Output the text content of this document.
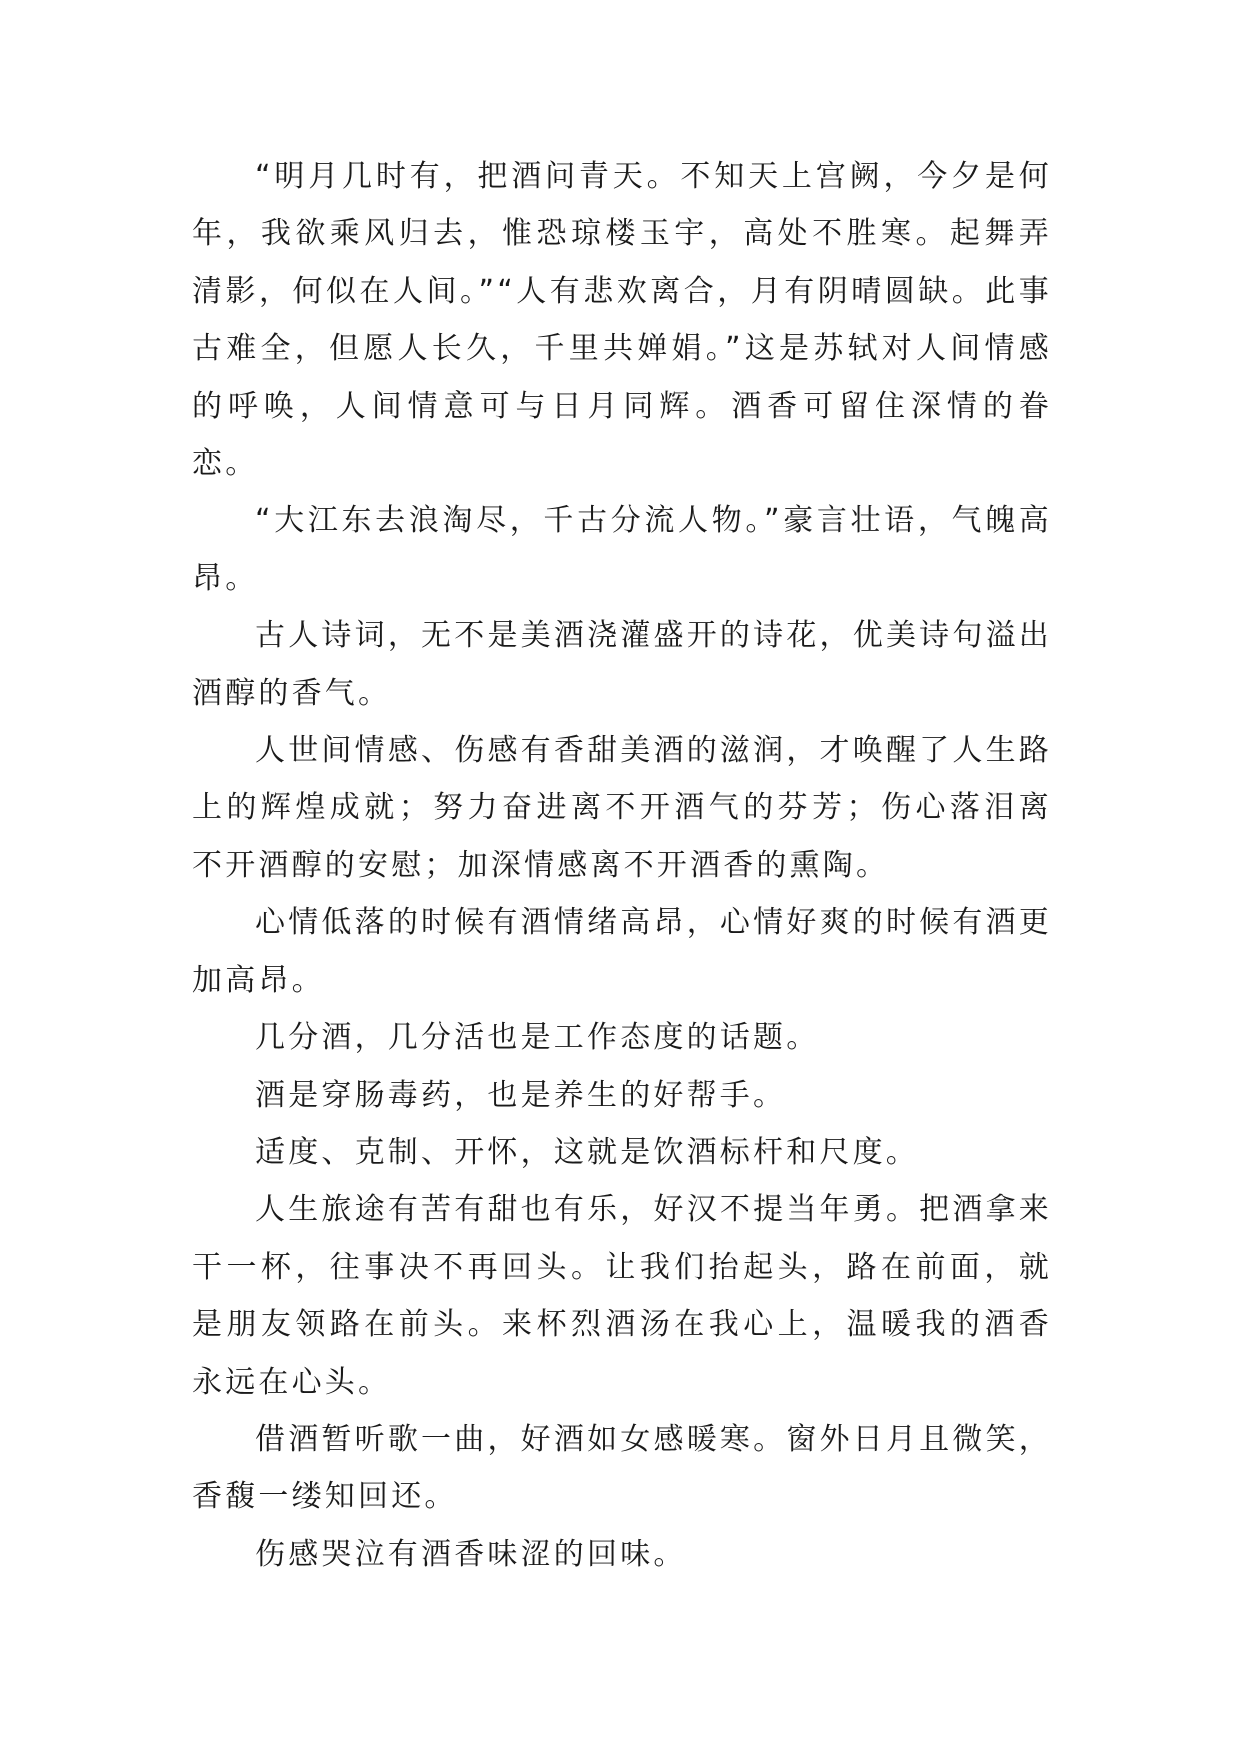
“明月几时有，把酒问青天。不知天上宫阙，今夕是何年，我欲乘风归去，惟恐琼楼玉宇，高处不胜寒。起舞弄清影，何似在人间。”“人有悲欢离合，月有阴晴圆缺。此事古难全，但愿人长久，千里共婵娟。”这是苏轼对人间情感的呼唤，人间情意可与日月同辉。酒香可留住深情的眷恋。

“大江东去浪淘尽，千古分流人物。”豪言壮语，气魄高昂。

古人诗词，无不是美酒浇灌盛开的诗花，优美诗句溢出酒醇的香气。

人世间情感、伤感有香甜美酒的滋润，才唤醒了人生路上的辉煌成就；努力奋进离不开酒气的芬芳；伤心落泪离不开酒醇的安慰；加深情感离不开酒香的熏陶。

心情低落的时候有酒情绪高昂，心情好爽的时候有酒更加高昂。

几分酒，几分活也是工作态度的话题。

酒是穿肠毒药，也是养生的好帮手。

适度、克制、开怀，这就是饮酒标杆和尺度。

人生旅途有苦有甜也有乐，好汉不提当年勇。把酒拿来干一杯，往事决不再回头。让我们抬起头，路在前面，就是朋友领路在前头。来杯烈酒汤在我心上，温暖我的酒香永远在心头。

借酒暂听歌一曲，好酒如女感暖寒。窗外日月且微笑，香馥一缕知回还。

伤感哭泣有酒香味涩的回味。
